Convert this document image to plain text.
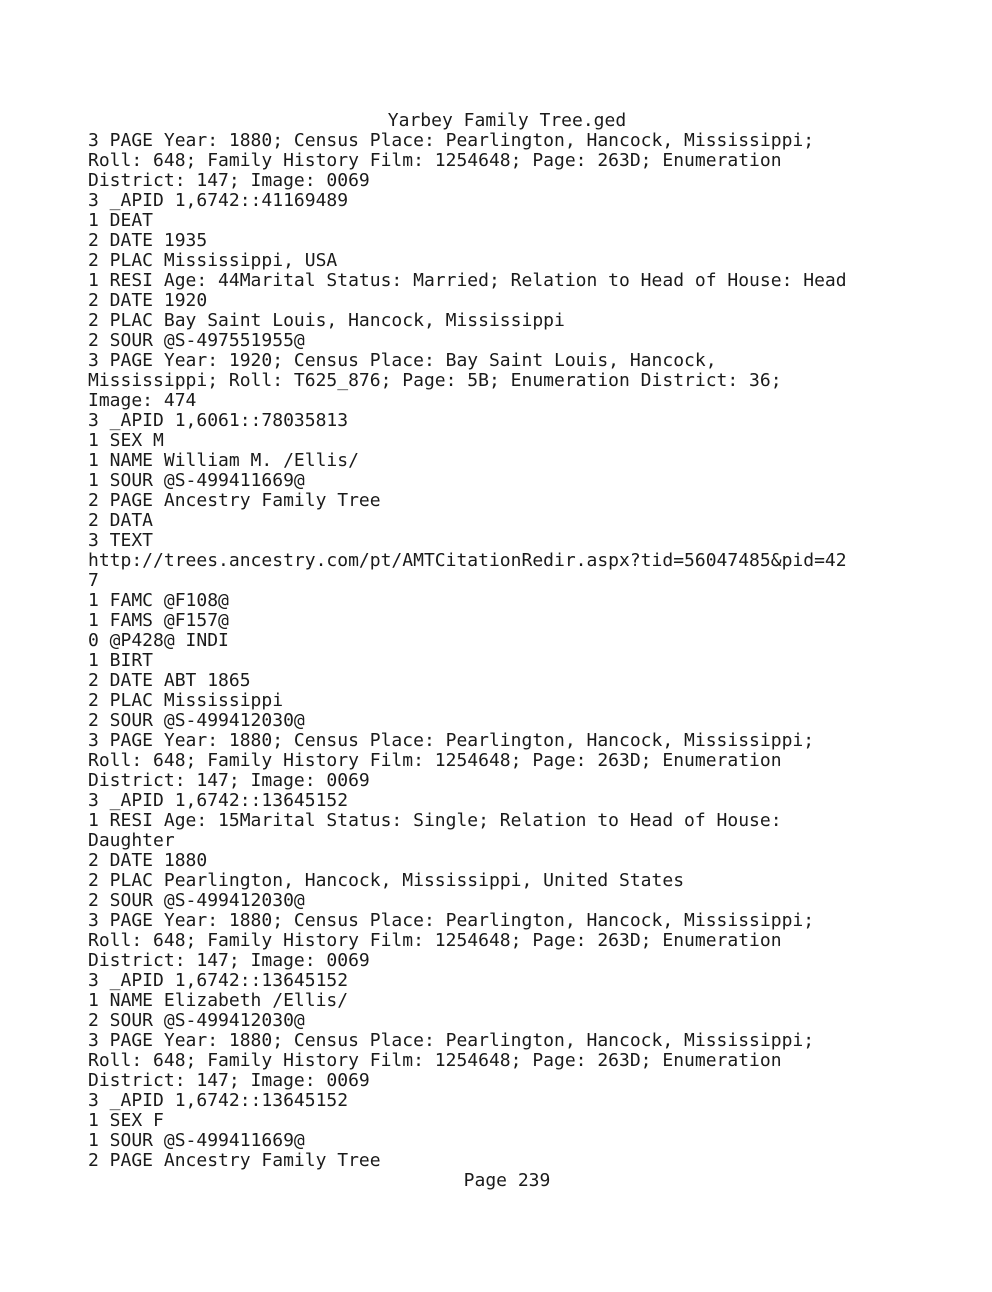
Yarbey Family Tree.ged
3 PAGE Year: 1880; Census Place: Pearlington, Hancock, Mississippi;
Roll: 648; Family History Film: 1254648; Page: 263D; Enumeration
District: 147; Image: 0069
3 _APID 1,6742::41169489
1 DEAT
2 DATE 1935
2 PLAC Mississippi, USA
1 RESI Age: 44Marital Status: Married; Relation to Head of House: Head
2 DATE 1920
2 PLAC Bay Saint Louis, Hancock, Mississippi
2 SOUR @S-497551955@
3 PAGE Year: 1920; Census Place: Bay Saint Louis, Hancock,
Mississippi; Roll: T625_876; Page: 5B; Enumeration District: 36;
Image: 474
3 _APID 1,6061::78035813
1 SEX M
1 NAME William M. /Ellis/
1 SOUR @S-499411669@
2 PAGE Ancestry Family Tree
2 DATA
3 TEXT
http://trees.ancestry.com/pt/AMTCitationRedir.aspx?tid=56047485&pid=42
7
1 FAMC @F108@
1 FAMS @F157@
0 @P428@ INDI
1 BIRT
2 DATE ABT 1865
2 PLAC Mississippi
2 SOUR @S-499412030@
3 PAGE Year: 1880; Census Place: Pearlington, Hancock, Mississippi;
Roll: 648; Family History Film: 1254648; Page: 263D; Enumeration
District: 147; Image: 0069
3 _APID 1,6742::13645152
1 RESI Age: 15Marital Status: Single; Relation to Head of House:
Daughter
2 DATE 1880
2 PLAC Pearlington, Hancock, Mississippi, United States
2 SOUR @S-499412030@
3 PAGE Year: 1880; Census Place: Pearlington, Hancock, Mississippi;
Roll: 648; Family History Film: 1254648; Page: 263D; Enumeration
District: 147; Image: 0069
3 _APID 1,6742::13645152
1 NAME Elizabeth /Ellis/
2 SOUR @S-499412030@
3 PAGE Year: 1880; Census Place: Pearlington, Hancock, Mississippi;
Roll: 648; Family History Film: 1254648; Page: 263D; Enumeration
District: 147; Image: 0069
3 _APID 1,6742::13645152
1 SEX F
1 SOUR @S-499411669@
2 PAGE Ancestry Family Tree
Page 239
